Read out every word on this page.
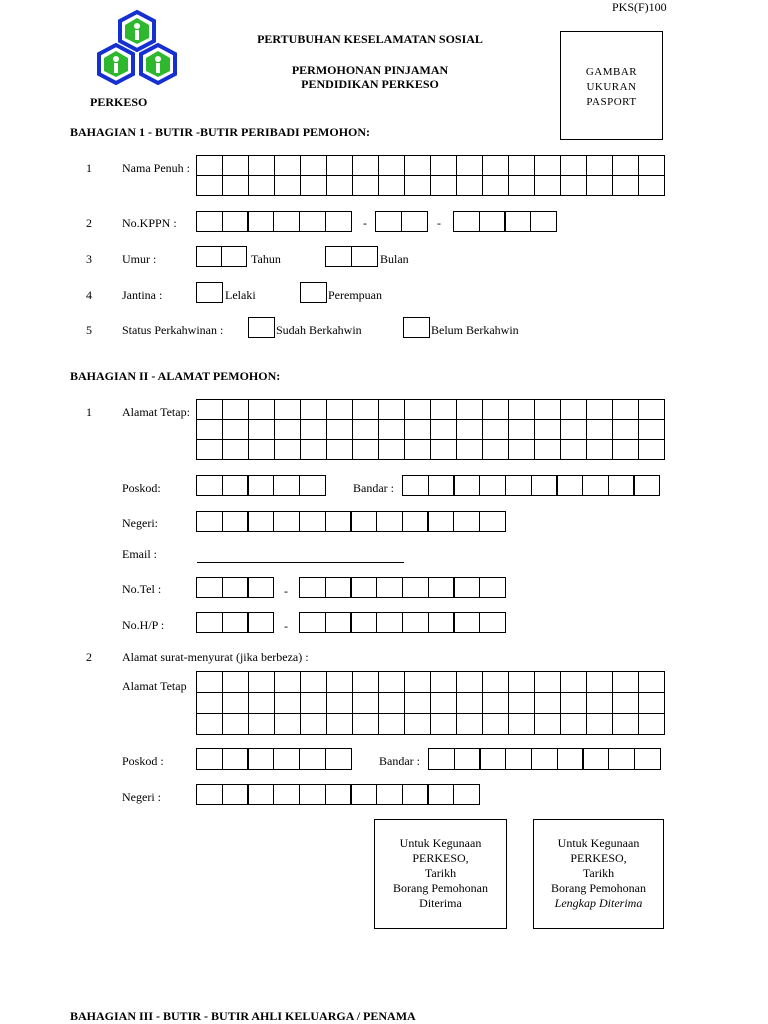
PKS(F)100
PERKESO
PERTUBUHAN KESELAMATAN SOSIAL
PERMOHONAN PINJAMAN
PENDIDIKAN PERKESO
GAMBAR
UKURAN
PASPORT
BAHAGIAN 1 - BUTIR -BUTIR PERIBADI PEMOHON:
1	Nama Penuh :
2	No.KPPN :	-	-
3	Umur :	Tahun	Bulan
4	Jantina :	Lelaki	Perempuan
5	Status Perkahwinan :	Sudah Berkahwin	Belum Berkahwin
BAHAGIAN II - ALAMAT PEMOHON:
1	Alamat Tetap:
Poskod:	Bandar :
Negeri:
Email :
No.Tel :	-
No.H/P :	-
2	Alamat surat-menyurat (jika berbeza) :
Alamat Tetap
Poskod :	Bandar :
Negeri :
Untuk Kegunaan
PERKESO,
Tarikh
Borang Pemohonan
Diterima
Untuk Kegunaan
PERKESO,
Tarikh
Borang Pemohonan
Lengkap Diterima
BAHAGIAN III - BUTIR - BUTIR AHLI KELUARGA / PENAMA
